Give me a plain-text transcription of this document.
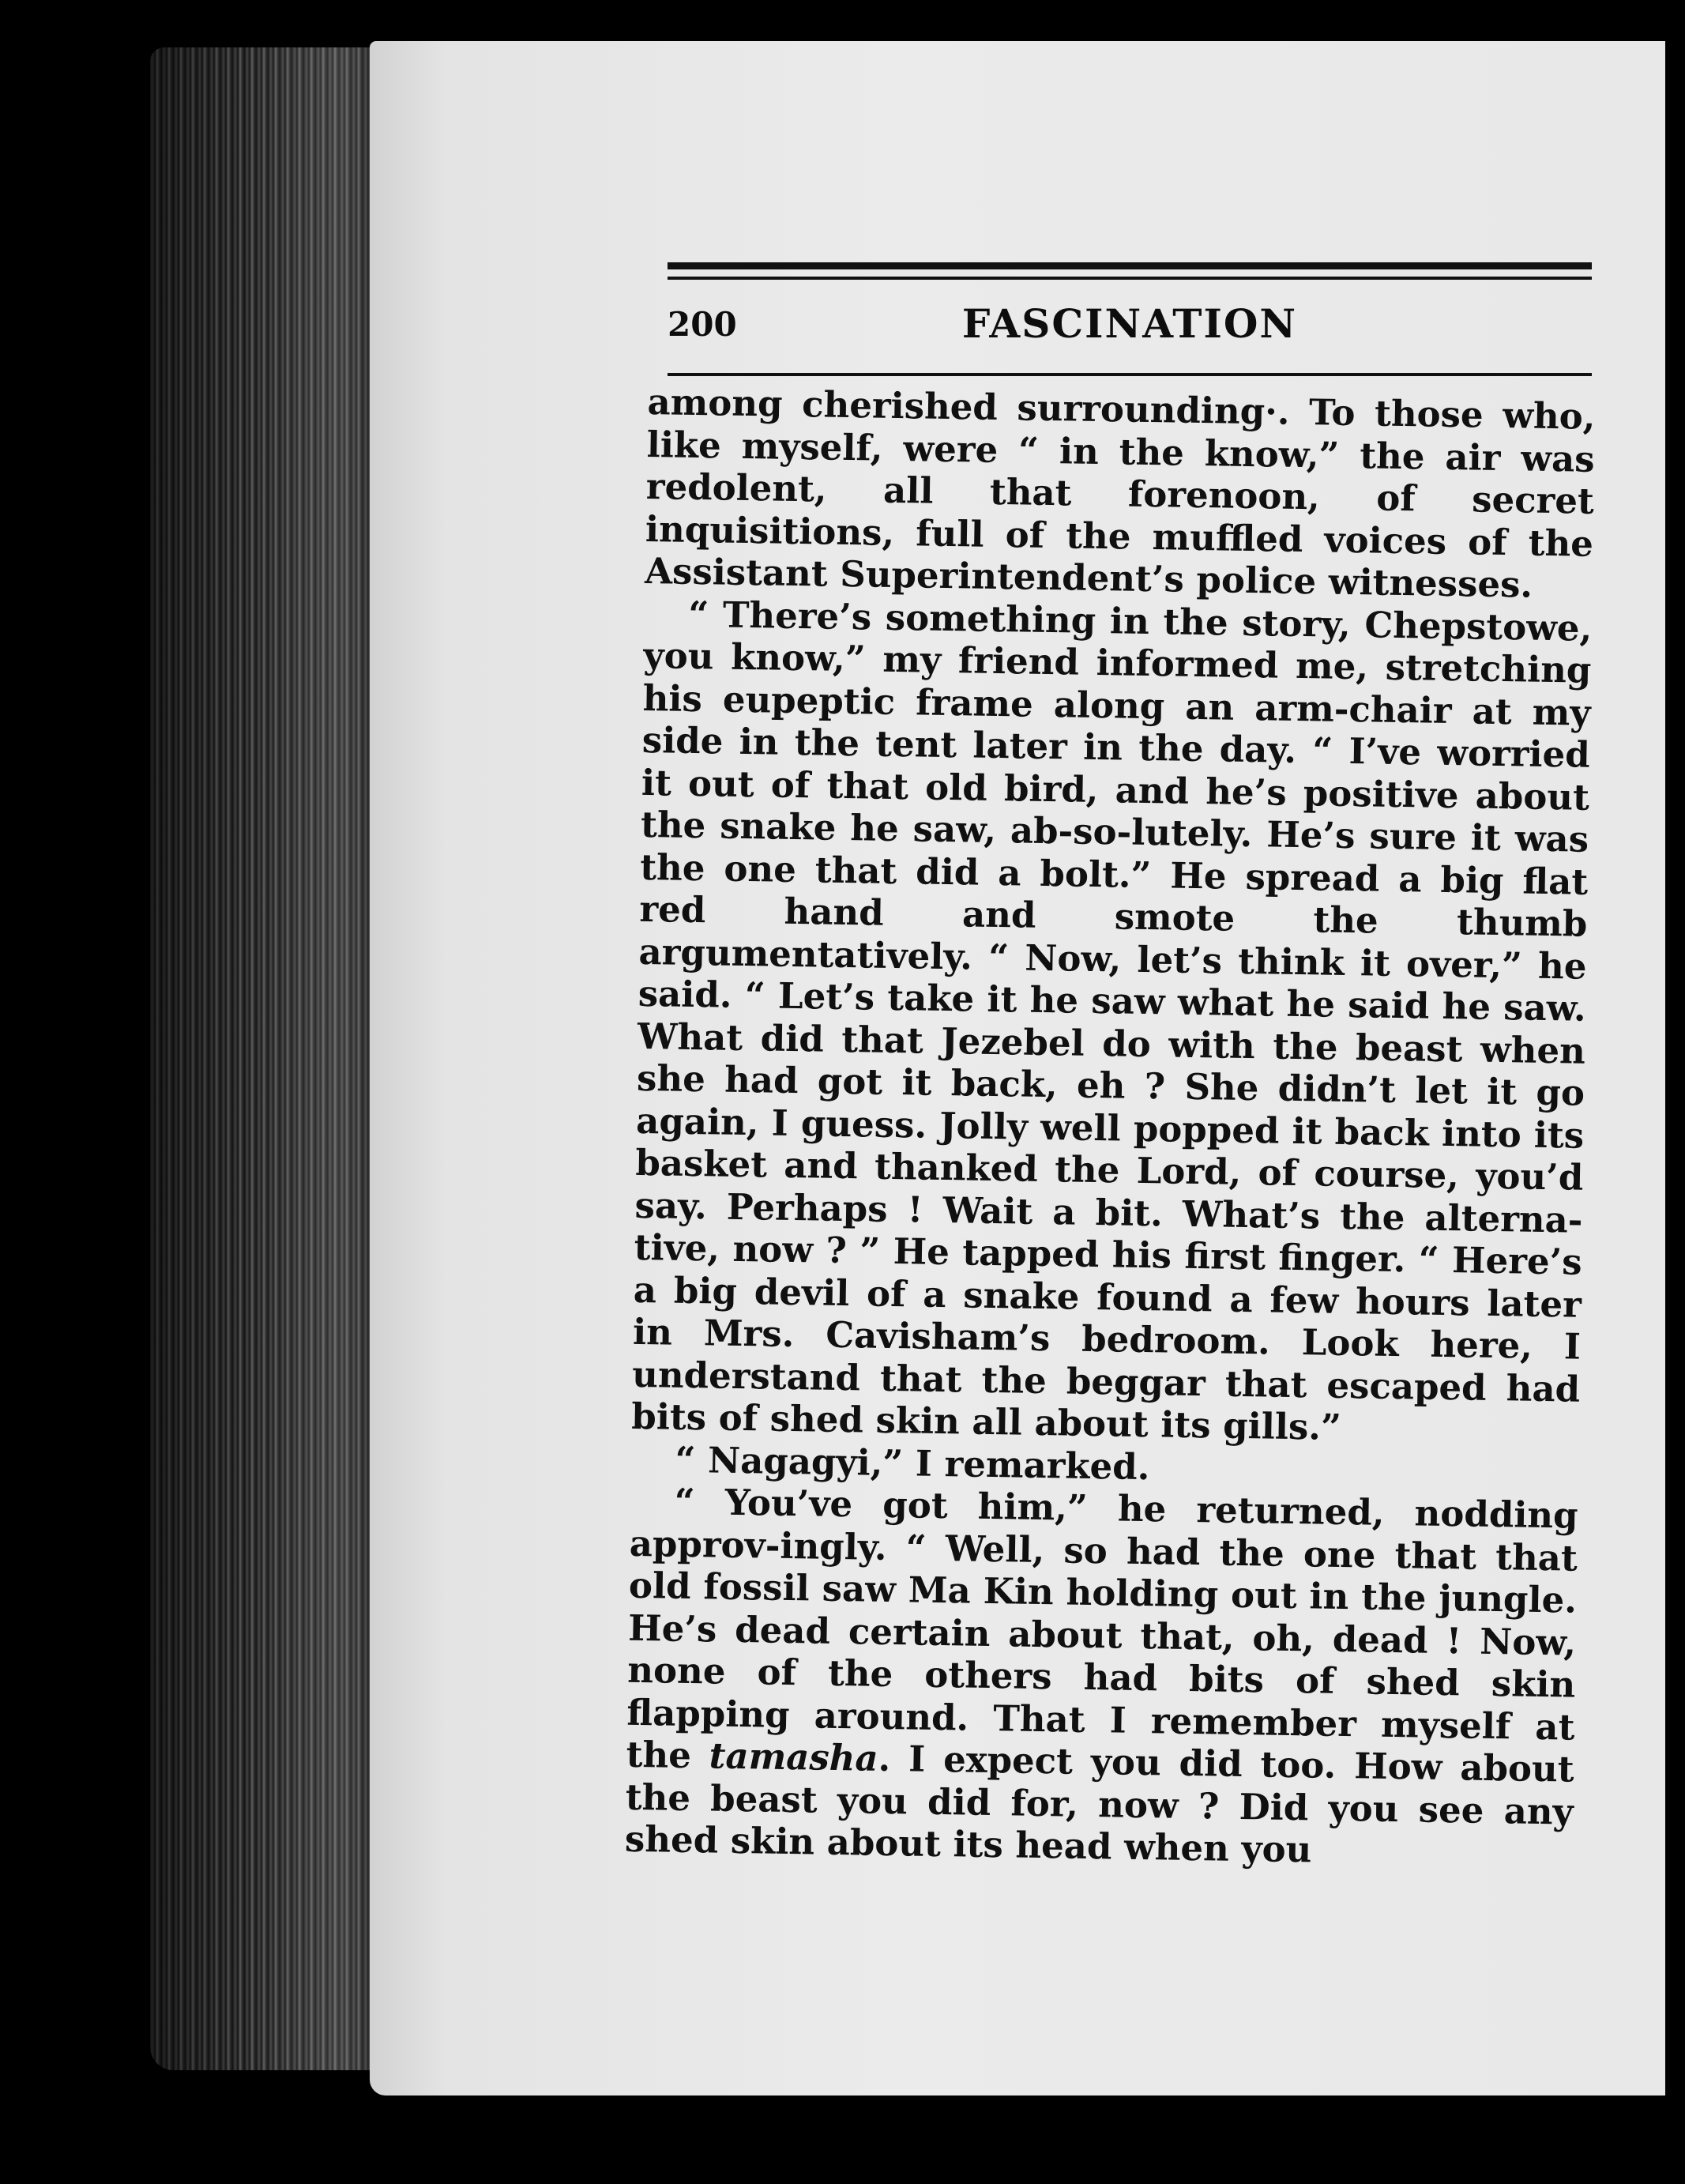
200	FASCINATION

among cherished surrounding·. To those who, like myself, were “ in the know,” the air was redolent, all that forenoon, of secret inquisitions, full of the muffled voices of the Assistant Superintendent’s police witnesses.

“ There’s something in the story, Chepstowe, you know,” my friend informed me, stretching his eupeptic frame along an arm-chair at my side in the tent later in the day. “ I’ve worried it out of that old bird, and he’s positive about the snake he saw, ab-so-lutely. He’s sure it was the one that did a bolt.” He spread a big flat red hand and smote the thumb argumentatively. “ Now, let’s think it over,” he said. “ Let’s take it he saw what he said he saw. What did that Jezebel do with the beast when she had got it back, eh ? She didn’t let it go again, I guess. Jolly well popped it back into its basket and thanked the Lord, of course, you’d say. Perhaps ! Wait a bit. What’s the alterna-tive, now ? ” He tapped his first finger. “ Here’s a big devil of a snake found a few hours later in Mrs. Cavisham’s bedroom. Look here, I understand that the beggar that escaped had bits of shed skin all about its gills.”

“ Nagagyi,” I remarked.

“ You’ve got him,” he returned, nodding approv-ingly. “ Well, so had the one that that old fossil saw Ma Kin holding out in the jungle. He’s dead certain about that, oh, dead ! Now, none of the others had bits of shed skin flapping around. That I remember myself at the tamasha. I expect you did too. How about the beast you did for, now ? Did you see any shed skin about its head when you
